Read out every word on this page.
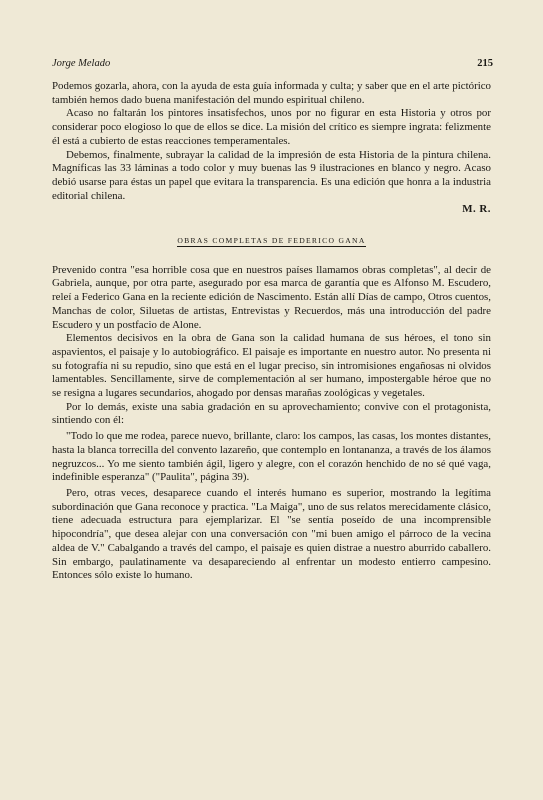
Jorge Melado	215

Podemos gozarla, ahora, con la ayuda de esta guía informada y culta; y saber que en el arte pictórico también hemos dado buena manifestación del mundo espiritual chileno.

Acaso no faltarán los pintores insatisfechos, unos por no figurar en esta Historia y otros por considerar poco elogioso lo que de ellos se dice. La misión del crítico es siempre ingrata: felizmente él está a cubierto de estas reacciones temperamentales.

Debemos, finalmente, subrayar la calidad de la impresión de esta Historia de la pintura chilena. Magníficas las 33 láminas a todo color y muy buenas las 9 ilustraciones en blanco y negro. Acaso debió usarse para éstas un papel que evitara la transparencia. Es una edición que honra a la industria editorial chilena.

M. R.

OBRAS COMPLETAS DE FEDERICO GANA

Prevenido contra "esa horrible cosa que en nuestros países llamamos obras completas", al decir de Gabriela, aunque, por otra parte, asegurado por esa marca de garantía que es Alfonso M. Escudero, releí a Federico Gana en la reciente edición de Nascimento. Están allí Días de campo, Otros cuentos, Manchas de color, Siluetas de artistas, Entrevistas y Recuerdos, más una introducción del padre Escudero y un postfacio de Alone.

Elementos decisivos en la obra de Gana son la calidad humana de sus héroes, el tono sin aspavientos, el paisaje y lo autobiográfico. El paisaje es importante en nuestro autor. No presenta ni su fotografía ni su repudio, sino que está en el lugar preciso, sin intromisiones engañosas ni olvidos lamentables. Sencillamente, sirve de complementación al ser humano, impostergable héroe que no se resigna a lugares secundarios, ahogado por densas marañas zoológicas y vegetales.

Por lo demás, existe una sabia gradación en su aprovechamiento; convive con el protagonista, sintiendo con él:

"Todo lo que me rodea, parece nuevo, brillante, claro: los campos, las casas, los montes distantes, hasta la blanca torrecilla del convento lazareño, que contemplo en lontananza, a través de los álamos negruzcos... Yo me siento también ágil, ligero y alegre, con el corazón henchido de no sé qué vaga, indefinible esperanza" ("Paulita", página 39).

Pero, otras veces, desaparece cuando el interés humano es superior, mostrando la legítima subordinación que Gana reconoce y practica. "La Maiga", uno de sus relatos merecidamente clásico, tiene adecuada estructura para ejemplarizar. El "se sentía poseído de una incomprensible hipocondría", que desea alejar con una conversación con "mi buen amigo el párroco de la vecina aldea de V." Cabalgando a través del campo, el paisaje es quien distrae a nuestro aburrido caballero. Sin embargo, paulatinamente va desapareciendo al enfrentar un modesto entierro campesino. Entonces sólo existe lo humano.
